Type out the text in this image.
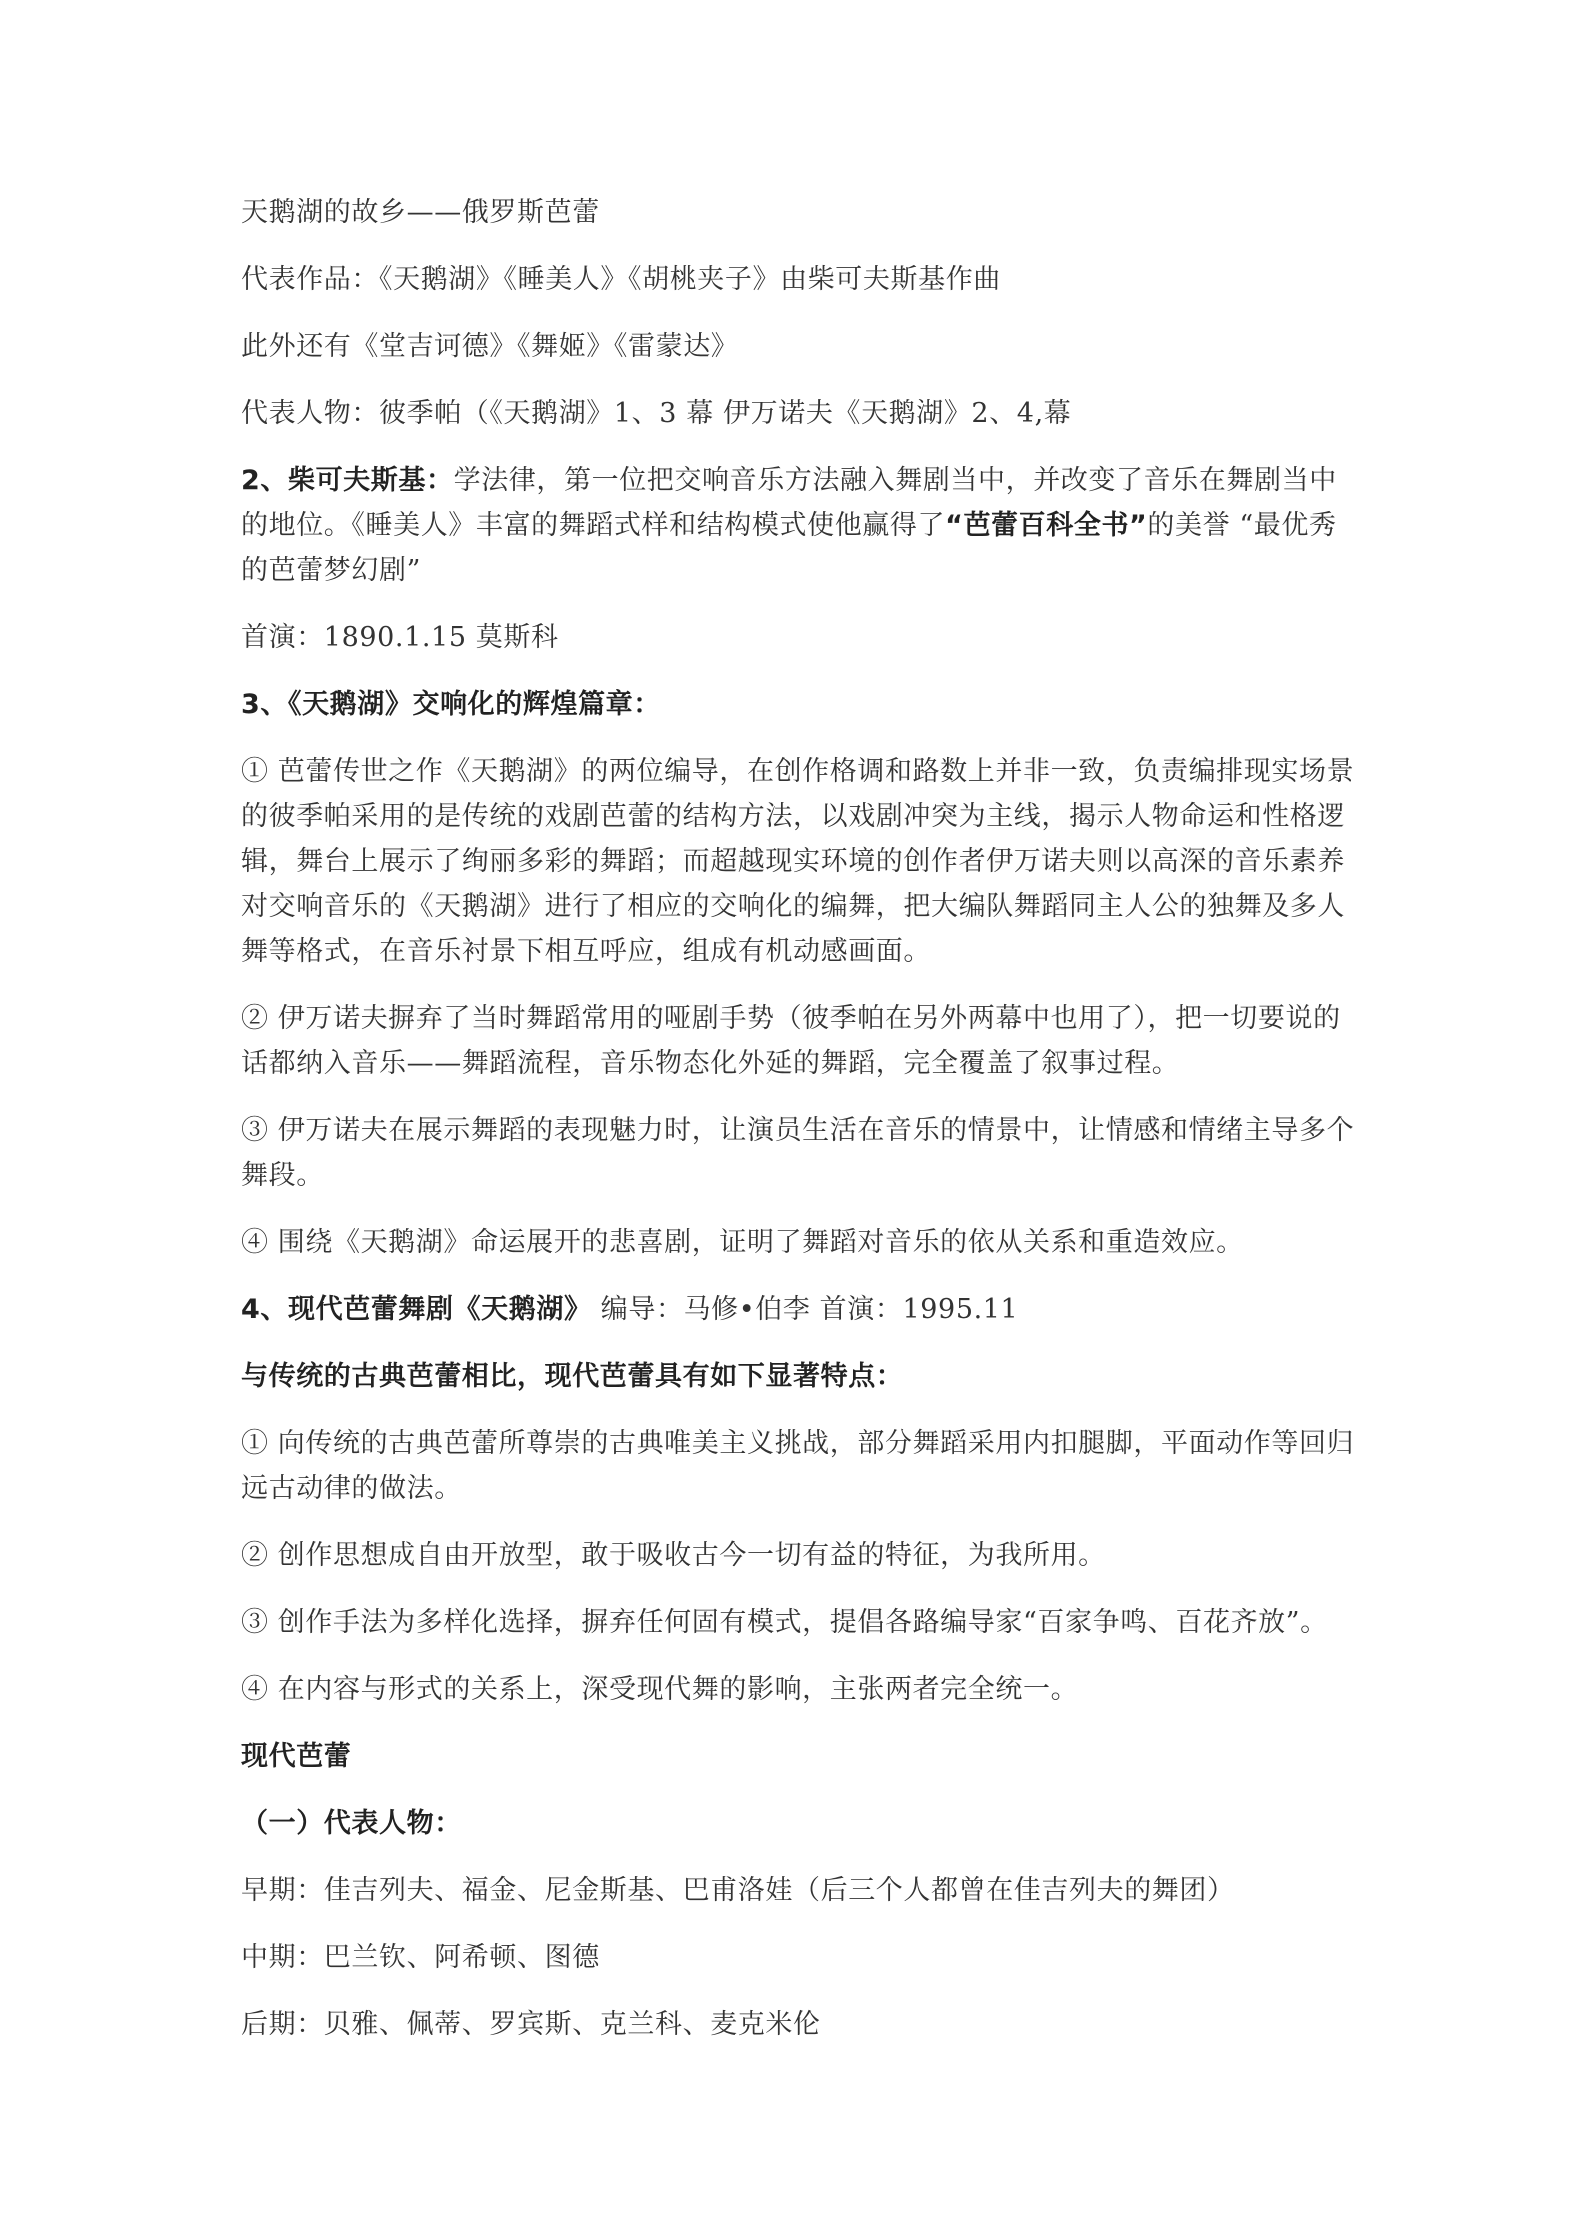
天鹅湖的故乡——俄罗斯芭蕾

代表作品：《天鹅湖》《睡美人》《胡桃夹子》由柴可夫斯基作曲

此外还有《堂吉诃德》《舞姬》《雷蒙达》

代表人物：彼季帕（《天鹅湖》1、3 幕 伊万诺夫《天鹅湖》2、4,幕

2、柴可夫斯基：学法律，第一位把交响音乐方法融入舞剧当中，并改变了音乐在舞剧当中的地位。《睡美人》丰富的舞蹈式样和结构模式使他赢得了“芭蕾百科全书”的美誉 “最优秀的芭蕾梦幻剧”

首演：1890.1.15 莫斯科

3、《天鹅湖》交响化的辉煌篇章：

① 芭蕾传世之作《天鹅湖》的两位编导，在创作格调和路数上并非一致，负责编排现实场景的彼季帕采用的是传统的戏剧芭蕾的结构方法，以戏剧冲突为主线，揭示人物命运和性格逻辑，舞台上展示了绚丽多彩的舞蹈；而超越现实环境的创作者伊万诺夫则以高深的音乐素养对交响音乐的《天鹅湖》进行了相应的交响化的编舞，把大编队舞蹈同主人公的独舞及多人舞等格式，在音乐衬景下相互呼应，组成有机动感画面。

② 伊万诺夫摒弃了当时舞蹈常用的哑剧手势（彼季帕在另外两幕中也用了），把一切要说的话都纳入音乐——舞蹈流程，音乐物态化外延的舞蹈，完全覆盖了叙事过程。

③ 伊万诺夫在展示舞蹈的表现魅力时，让演员生活在音乐的情景中，让情感和情绪主导多个舞段。

④ 围绕《天鹅湖》命运展开的悲喜剧，证明了舞蹈对音乐的依从关系和重造效应。

4、现代芭蕾舞剧《天鹅湖》 编导：马修•伯李 首演：1995.11

与传统的古典芭蕾相比，现代芭蕾具有如下显著特点：

① 向传统的古典芭蕾所尊崇的古典唯美主义挑战，部分舞蹈采用内扣腿脚，平面动作等回归远古动律的做法。

② 创作思想成自由开放型，敢于吸收古今一切有益的特征，为我所用。

③ 创作手法为多样化选择，摒弃任何固有模式，提倡各路编导家“百家争鸣、百花齐放”。

④ 在内容与形式的关系上，深受现代舞的影响，主张两者完全统一。

现代芭蕾

（一）代表人物：

早期：佳吉列夫、福金、尼金斯基、巴甫洛娃（后三个人都曾在佳吉列夫的舞团）

中期：巴兰钦、阿希顿、图德

后期：贝雅、佩蒂、罗宾斯、克兰科、麦克米伦
